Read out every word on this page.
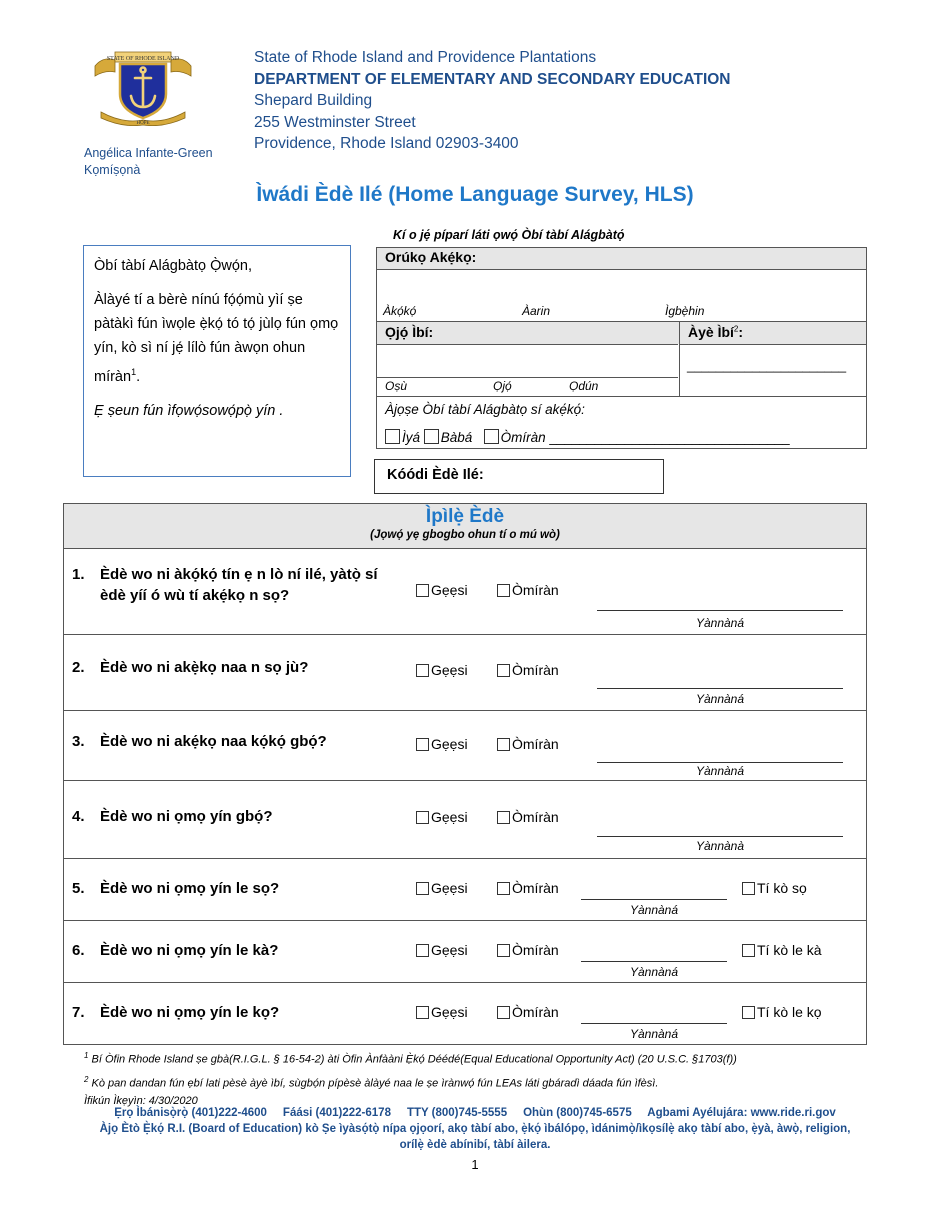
STATE OF RHODE ISLAND
HOPE
Angélica Infante-Green
Kọmíṣọnà
State of Rhode Island and Providence Plantations
DEPARTMENT OF ELEMENTARY AND SECONDARY EDUCATION
Shepard Building
255 Westminster Street
Providence, Rhode Island 02903-3400
Ìwádi Èdè Ilé (Home Language Survey, HLS)

Òbí tàbí Alágbàtọ Ọ̀wọ́n,

Àlàyé tí a bèrè nínú fọ́ọ́mù yìí ṣe pàtàkì fún ìwọle ẹ̀kọ́ tó tọ́ jùlọ fún ọmọ yín, kò sì ní jẹ́ lílò fún àwọn ohun míràn$^1$.

Ẹ ṣeun fún ìfọwọ́sowọ́pọ̀ yín .

Kí o jẹ́ píparí láti ọwọ́ Òbí tàbí Alágbàtọ́
Orúkọ Akẹ́kọ:
Àkọ́kọ́	Àarin	Ìgbẹ̀hin
Ọjọ́ Ìbí:	Àyè Ìbí$^2$:
Oṣù	Ọjọ́	Ọdún
______________________
Àjọṣe Òbí tàbí Alágbàtọ sí akẹ́kọ́:
Ìyá Bàbá Òmíràn ________________________________
Kóódi Èdè Ilé:
Ìpìlẹ̀ Èdè
(Jọwọ́ yẹ gbogbo ohun tí o mú wò)
1. Èdè wo ni àkọ́kọ́ tín ẹ n lò ní ilé, yàtọ̀ sí èdè yíí ó wù tí akẹ́kọ n sọ?	Gẹẹsi	Òmíràn
Yànnàná
2. Èdè wo ni akẹ̀kọ naa n sọ jù?	Gẹẹsi	Òmíràn
Yànnàná
3. Èdè wo ni akẹ́kọ naa kọ́kọ́ gbọ́?	Gẹẹsi	Òmíràn
Yànnàná
4. Èdè wo ni ọmọ yín gbọ́?	Gẹẹsi	Òmíràn
Yànnànà
5. Èdè wo ni ọmọ yín le sọ?	Gẹẹsi	Òmíràn
Yànnàná
Tí kò sọ
6. Èdè wo ni ọmọ yín le kà?	Gẹẹsi	Òmíràn
Yànnàná
Tí kò le kà
7. Èdè wo ni ọmọ yín le kọ?	Gẹẹsi	Òmíràn
Yànnàná
Tí kò le kọ
$^1$ Bí Òfin Rhode Island ṣe gbà(R.I.G.L. § 16-54-2) àti Òfin Ànfààni Ẹ̀kọ́ Déédé(Equal Educational Opportunity Act) (20 U.S.C. §1703(f))
$^2$ Kò pan dandan fún ẹbí lati pèsè àyè ìbí, sùgbọ́n pípèsè àlàyé naa le ṣe ìrànwọ́ fún LEAs láti gbáradì dáada fún ìfèsì.
Ìfikún Ìkẹyìn: 4/30/2020
Ẹrọ Ìbánisọ̀rọ̀ (401)222-4600     Fáási (401)222-6178     TTY (800)745-5555     Ohùn (800)745-6575     Agbami Ayélujára: www.ride.ri.gov
Àjọ Ètò Ẹ̀kọ́ R.I. (Board of Education) kò Ṣe ìyàsọ́tọ̀ nípa ọjọorí, akọ tàbí abo, ẹ̀kọ́ ìbálópọ, ìdánimọ̀/ìkọsílẹ̀ akọ tàbí abo, ẹ̀yà, àwọ̀, religion,
orílẹ̀ èdè abínibí, tàbí àilera.
1
